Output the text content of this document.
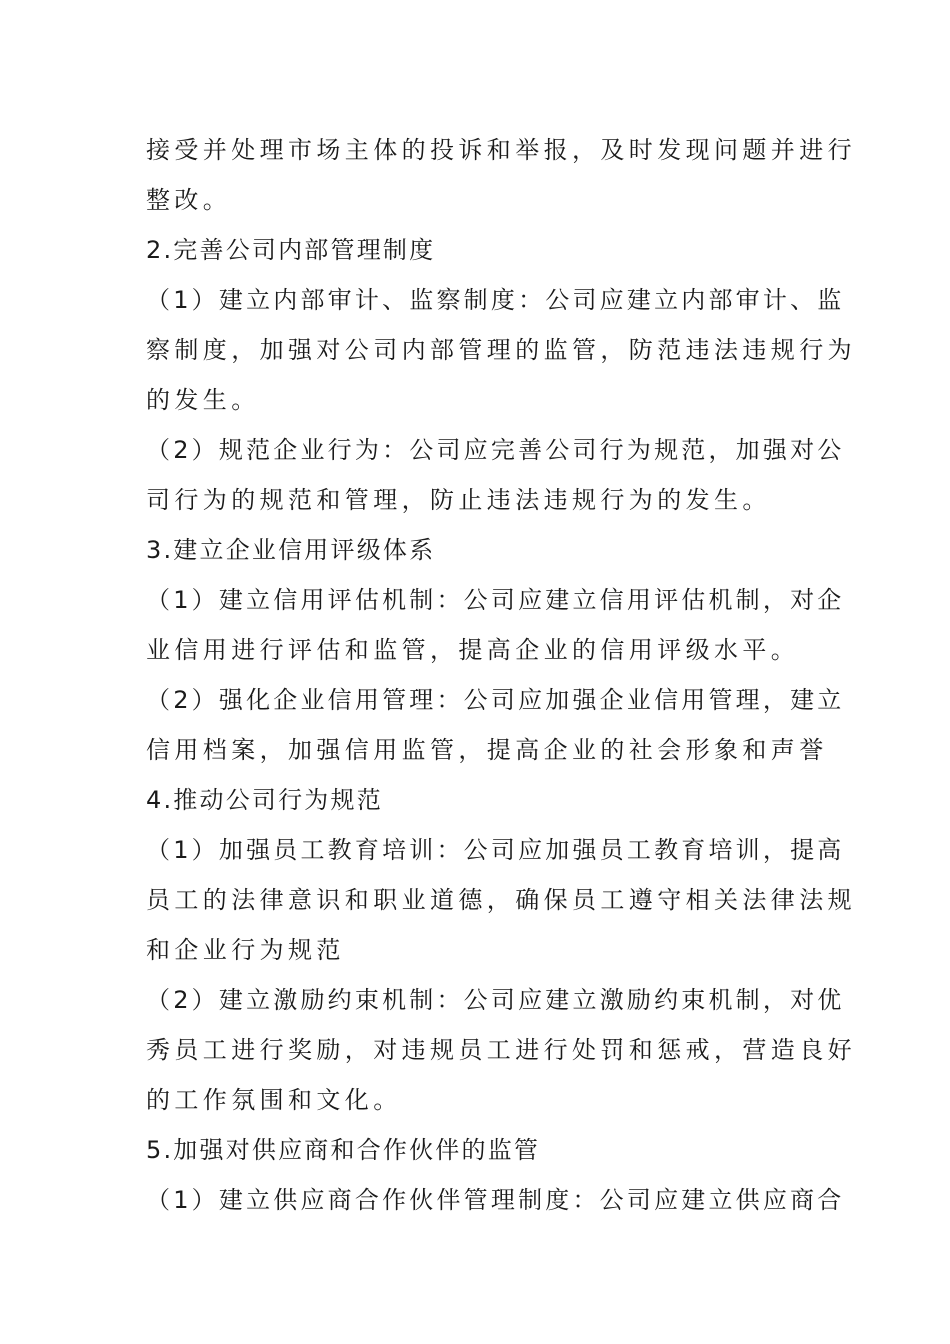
接受并处理市场主体的投诉和举报，及时发现问题并进行
整改。
2.完善公司内部管理制度
（1）建立内部审计、监察制度：公司应建立内部审计、监
察制度，加强对公司内部管理的监管，防范违法违规行为
的发生。
（2）规范企业行为：公司应完善公司行为规范，加强对公
司行为的规范和管理，防止违法违规行为的发生。
3.建立企业信用评级体系
（1）建立信用评估机制：公司应建立信用评估机制，对企
业信用进行评估和监管，提高企业的信用评级水平。
（2）强化企业信用管理：公司应加强企业信用管理，建立
信用档案，加强信用监管，提高企业的社会形象和声誉
4.推动公司行为规范
（1）加强员工教育培训：公司应加强员工教育培训，提高
员工的法律意识和职业道德，确保员工遵守相关法律法规
和企业行为规范
（2）建立激励约束机制：公司应建立激励约束机制，对优
秀员工进行奖励，对违规员工进行处罚和惩戒，营造良好
的工作氛围和文化。
5.加强对供应商和合作伙伴的监管
（1）建立供应商合作伙伴管理制度：公司应建立供应商合
